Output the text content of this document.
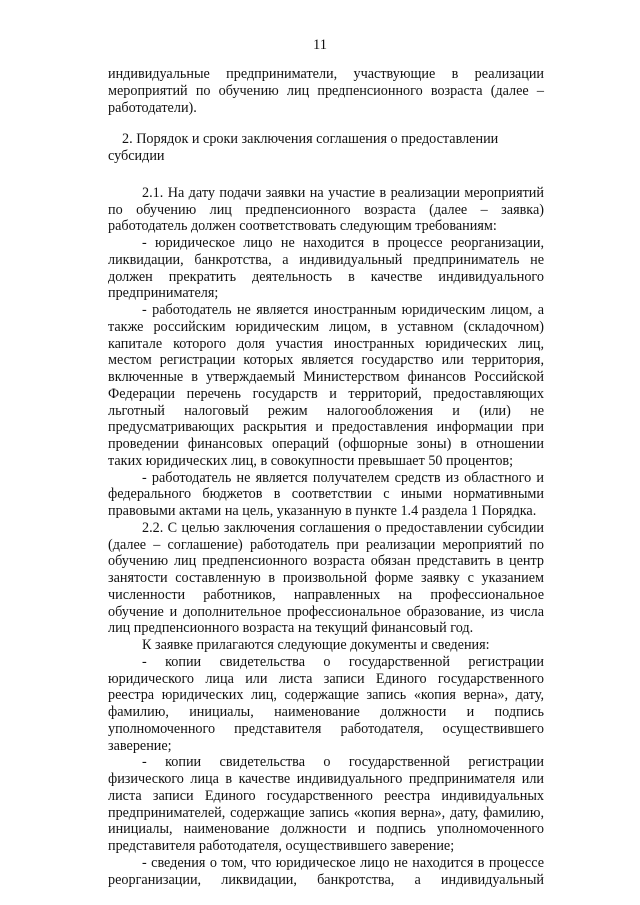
11

индивидуальные предприниматели, участвующие в реализации мероприятий по обучению лиц предпенсионного возраста (далее – работодатели).

2. Порядок и сроки заключения соглашения о предоставлении субсидии

2.1. На дату подачи заявки на участие в реализации мероприятий по обучению лиц предпенсионного возраста (далее – заявка) работодатель должен соответствовать следующим требованиям:

- юридическое лицо не находится в процессе реорганизации, ликвидации, банкротства, а индивидуальный предприниматель не должен прекратить деятельность в качестве индивидуального предпринимателя;

- работодатель не является иностранным юридическим лицом, а также российским юридическим лицом, в уставном (складочном) капитале которого доля участия иностранных юридических лиц, местом регистрации которых является государство или территория, включенные в утверждаемый Министерством финансов Российской Федерации перечень государств и территорий, предоставляющих льготный налоговый режим налогообложения и (или) не предусматривающих раскрытия и предоставления информации при проведении финансовых операций (офшорные зоны) в отношении таких юридических лиц, в совокупности превышает 50 процентов;

- работодатель не является получателем средств из областного и федерального бюджетов в соответствии с иными нормативными правовыми актами на цель, указанную в пункте 1.4 раздела 1 Порядка.

2.2. С целью заключения соглашения о предоставлении субсидии (далее – соглашение) работодатель при реализации мероприятий по обучению лиц предпенсионного возраста обязан представить в центр занятости составленную в произвольной форме заявку с указанием численности работников, направленных на профессиональное обучение и дополнительное профессиональное образование, из числа лиц предпенсионного возраста на текущий финансовый год.

К заявке прилагаются следующие документы и сведения:

- копии свидетельства о государственной регистрации юридического лица или листа записи Единого государственного реестра юридических лиц, содержащие запись «копия верна», дату, фамилию, инициалы, наименование должности и подпись уполномоченного представителя работодателя, осуществившего заверение;

- копии свидетельства о государственной регистрации физического лица в качестве индивидуального предпринимателя или листа записи Единого государственного реестра индивидуальных предпринимателей, содержащие запись «копия верна», дату, фамилию, инициалы, наименование должности и подпись уполномоченного представителя работодателя, осуществившего заверение;

- сведения о том, что юридическое лицо не находится в процессе реорганизации, ликвидации, банкротства, а индивидуальный
